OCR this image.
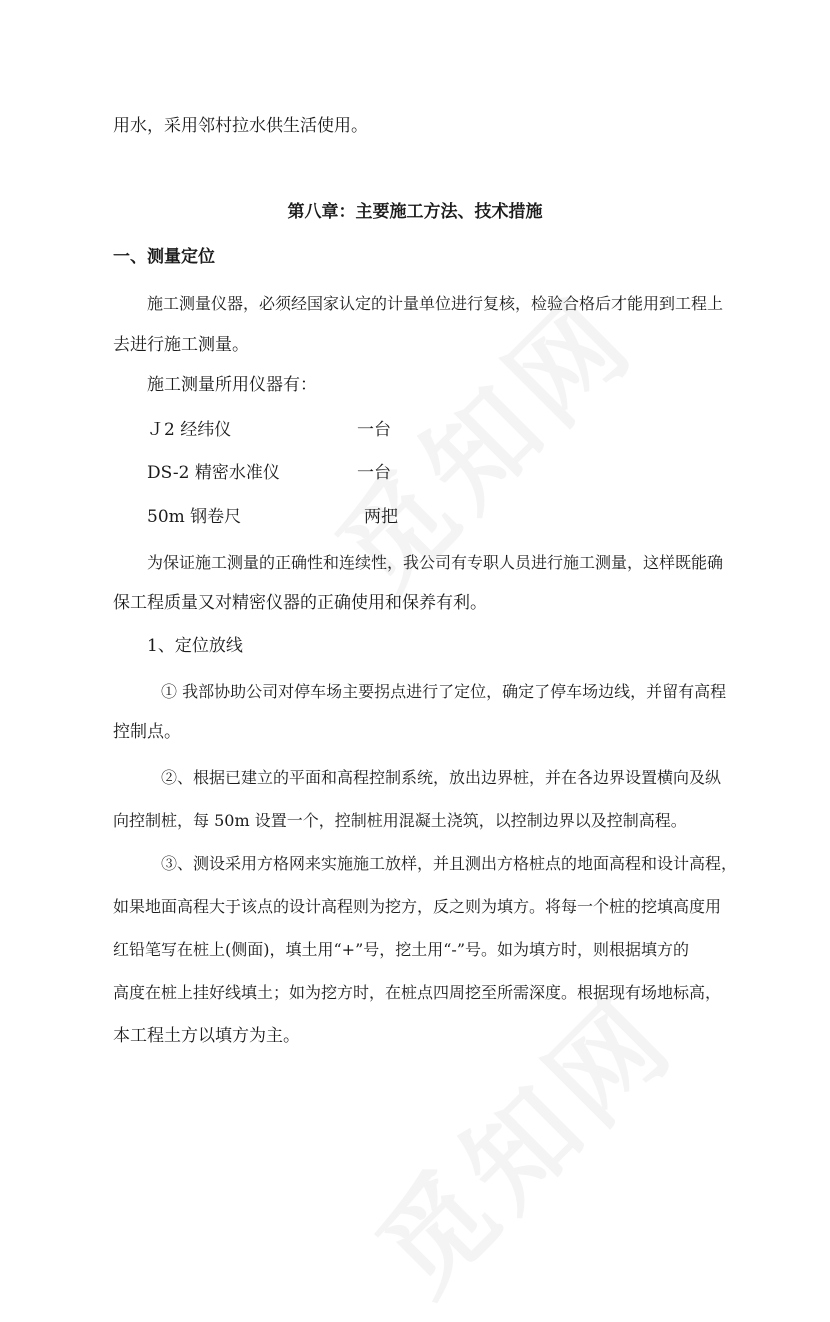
用水，采用邻村拉水供生活使用。
第八章：主要施工方法、技术措施
一、测量定位
施工测量仪器，必须经国家认定的计量单位进行复核，检验合格后才能用到工程上
去进行施工测量。
施工测量所用仪器有：
Ｊ2 经纬仪	一台
DS-2 精密水准仪	一台
50m 钢卷尺	两把
为保证施工测量的正确性和连续性，我公司有专职人员进行施工测量，这样既能确
保工程质量又对精密仪器的正确使用和保养有利。
1、定位放线
① 我部协助公司对停车场主要拐点进行了定位，确定了停车场边线，并留有高程
控制点。
②、根据已建立的平面和高程控制系统，放出边界桩，并在各边界设置横向及纵
向控制桩，每 50m 设置一个，控制桩用混凝土浇筑，以控制边界以及控制高程。
③、测设采用方格网来实施施工放样，并且测出方格桩点的地面高程和设计高程，
如果地面高程大于该点的设计高程则为挖方，反之则为填方。将每一个桩的挖填高度用
红铅笔写在桩上(侧面)，填土用“+”号，挖土用“-”号。如为填方时，则根据填方的
高度在桩上挂好线填土；如为挖方时，在桩点四周挖至所需深度。根据现有场地标高，
本工程土方以填方为主。
